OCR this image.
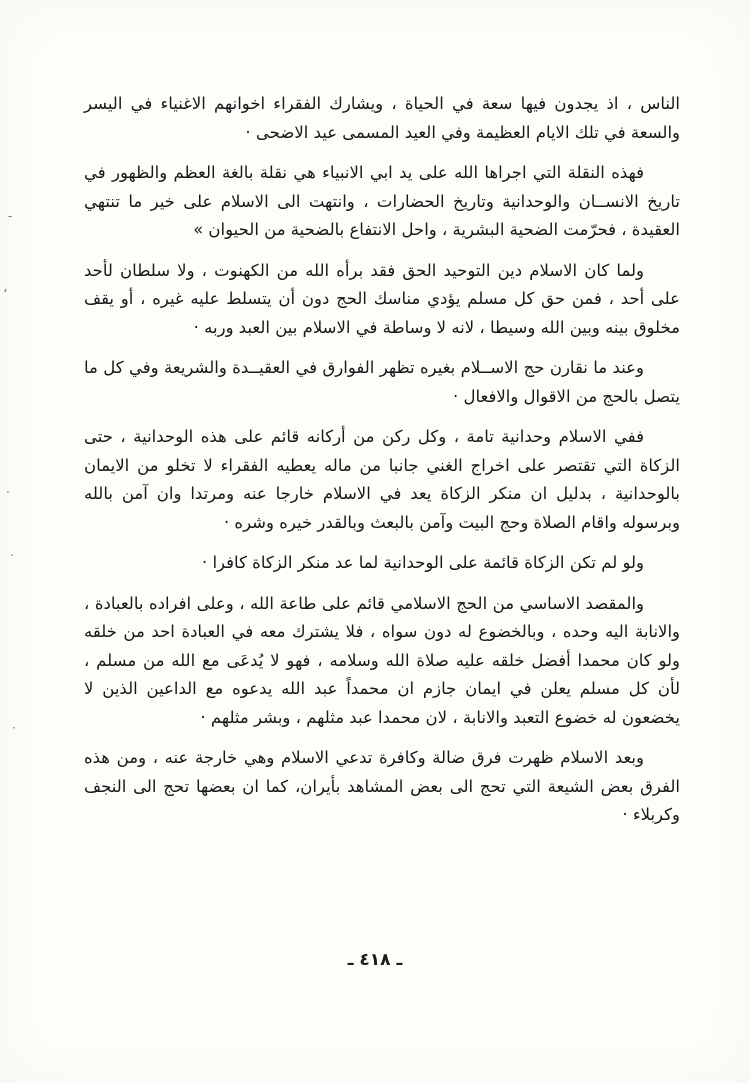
الناس ، اذ يجدون فيها سعة في الحياة ، ويشارك الفقراء اخوانهم الاغنياء في اليسر والسعة في تلك الايام العظيمة وفي العيد المسمى عيد الاضحى ·

فهذه النقلة التي اجراها الله على يد ابي الانبياء هي نقلة بالغة العظم والظهور في تاريخ الانســان والوحدانية وتاريخ الحضارات ، وانتهت الى الاسلام على خير ما تنتهي العقيدة ، فحرّمت الضحية البشرية ، واحل الانتفاع بالضحية من الحيوان »

ولما كان الاسلام دين التوحيد الحق فقد برأه الله من الكهنوت ، ولا سلطان لأحد على أحد ، فمن حق كل مسلم يؤدي مناسك الحج دون أن يتسلط عليه غيره ، أو يقف مخلوق بينه وبين الله وسيطا ، لانه لا وساطة في الاسلام بين العبد وربه ·

وعند ما نقارن حج الاســلام بغيره تظهر الفوارق في العقيــدة والشريعة وفي كل ما يتصل بالحج من الاقوال والافعال ·

ففي الاسلام وحدانية تامة ، وكل ركن من أركانه قائم على هذه الوحدانية ، حتى الزكاة التي تقتصر على اخراج الغني جانبا من ماله يعطيه الفقراء لا تخلو من الايمان بالوحدانية ، بدليل ان منكر الزكاة يعد في الاسلام خارجا عنه ومرتدا وان آمن بالله وبرسوله واقام الصلاة وحج البيت وآمن بالبعث وبالقدر خيره وشره ·

ولو لم تكن الزكاة قائمة على الوحدانية لما عد منكر الزكاة كافرا ·

والمقصد الاساسي من الحج الاسلامي قائم على طاعة الله ، وعلى افراده بالعبادة ، والانابة اليه وحده ، وبالخضوع له دون سواه ، فلا يشترك معه في العبادة احد من خلقه ولو كان محمدا أفضل خلقه عليه صلاة الله وسلامه ، فهو لا يُدعَى مع الله من مسلم ، لأن كل مسلم يعلن في ايمان جازم ان محمداً عبد الله يدعوه مع الداعين الذين لا يخضعون له خضوع التعبد والانابة ، لان محمدا عبد مثلهم ، وبشر مثلهم ·

وبعد الاسلام ظهرت فرق ضالة وكافرة تدعي الاسلام وهي خارجة عنه ، ومن هذه الفرق بعض الشيعة التي تحج الى بعض المشاهد بأيران، كما ان بعضها تحج الى النجف وكربلاء ·

ـ ٤١٨ ـ
-
،
·
.
·
